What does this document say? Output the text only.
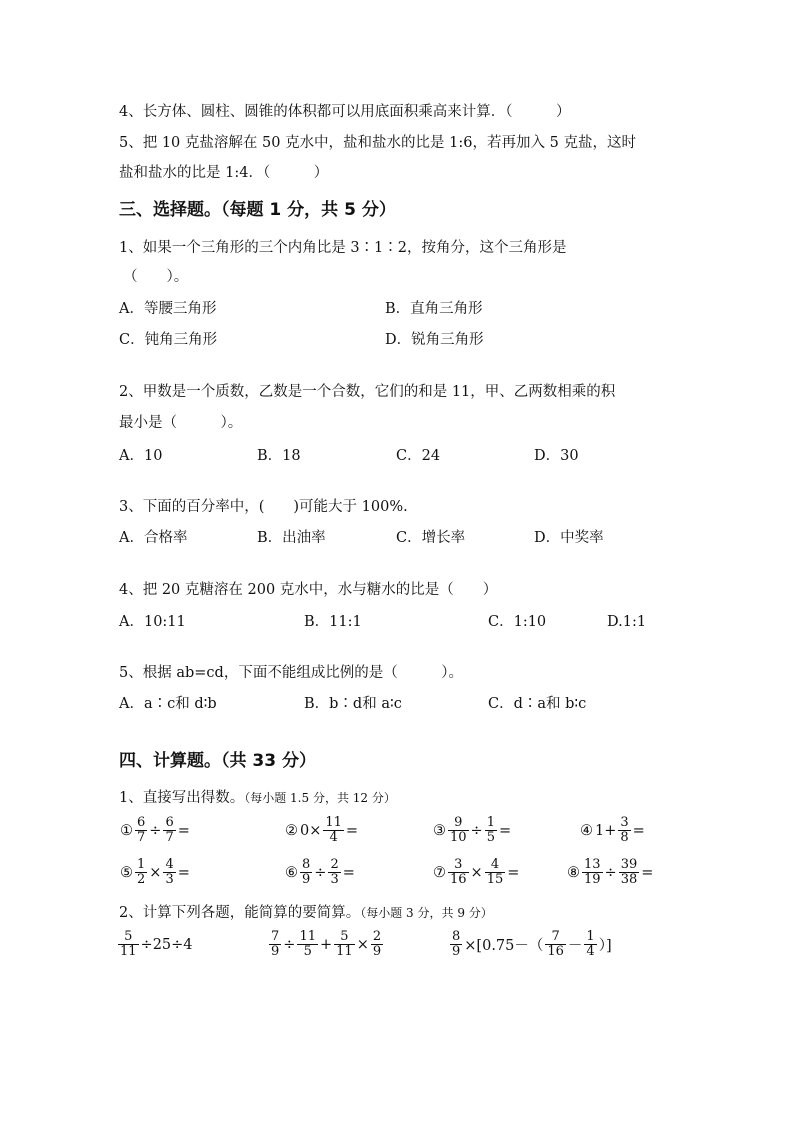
4、长方体、圆柱、圆锥的体积都可以用底面积乘高来计算．（　　　）
5、把 10 克盐溶解在 50 克水中，盐和盐水的比是 1:6，若再加入 5 克盐，这时
盐和盐水的比是 1:4．（　　　）
三、选择题。（每题 1 分，共 5 分）
1、如果一个三角形的三个内角比是 3∶1∶2，按角分，这个三角形是
（　　）。
A．等腰三角形	B．直角三角形
C．钝角三角形	D．锐角三角形
2、甲数是一个质数，乙数是一个合数，它们的和是 11，甲、乙两数相乘的积
最小是（　　　）。
A．10	B．18	C．24	D．30
3、下面的百分率中，(　　)可能大于 100%.
A．合格率	B．出油率	C．增长率	D．中奖率
4、把 20 克糖溶在 200 克水中，水与糖水的比是（　　）
A．10:11	B．11:1	C．1:10	D.1:1
5、根据 ab=cd，下面不能组成比例的是（　　　）。
A．a∶c和 d∶b	B．b∶d和 a∶c	C．d∶a和 b∶c
四、计算题。（共 33 分）
1、直接写出得数。（每小题 1.5 分，共 12 分）
① $\frac{6}{7} \div \frac{6}{7}$ =	② $0\times \frac{11}{4}$ =	③ $\frac{9}{10} \div \frac{1}{5}$ =	④ $1+ \frac{3}{8}$ =
⑤ $\frac{1}{2} \times \frac{4}{3}$ =	⑥ $\frac{8}{9} \div \frac{2}{3}$ =	⑦ $\frac{3}{16} \times \frac{4}{15}$ =	⑧ $\frac{13}{19} \div \frac{39}{38}$ =
2、计算下列各题，能简算的要简算。（每小题 3 分，共 9 分）
$\frac{5}{11} \div 25\div 4$	$\frac{7}{9} \div \frac{11}{5} + \frac{5}{11} \times \frac{2}{9}$	$\frac{8}{9} \times[0.75-( \frac{7}{16} - \frac{1}{4}$ ）]
